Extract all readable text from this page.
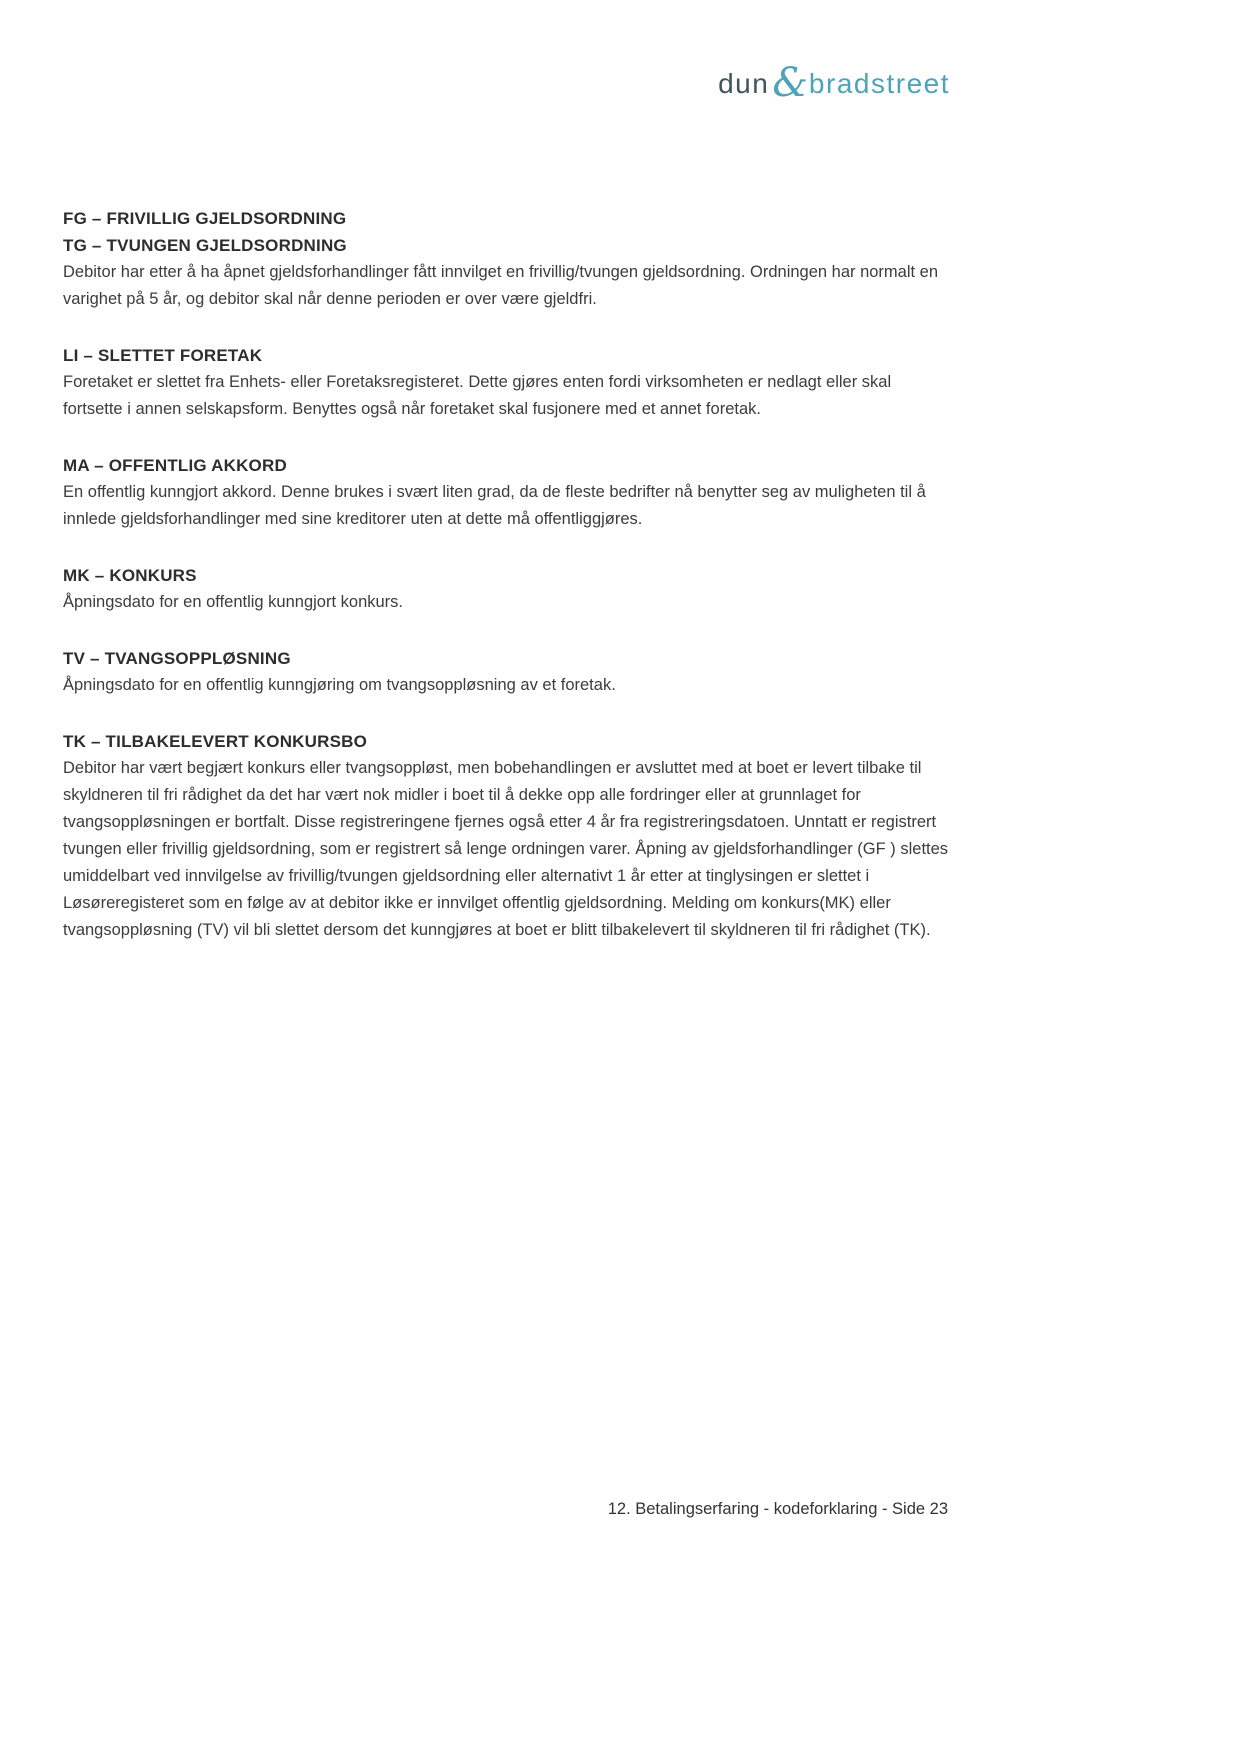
dun & bradstreet
FG – FRIVILLIG GJELDSORDNING
TG – TVUNGEN GJELDSORDNING

Debitor har etter å ha åpnet gjeldsforhandlinger fått innvilget en frivillig/tvungen gjeldsordning. Ordningen har normalt en varighet på 5 år, og debitor skal når denne perioden er over være gjeldfri.

LI – SLETTET FORETAK

Foretaket er slettet fra Enhets- eller Foretaksregisteret. Dette gjøres enten fordi virksomheten er nedlagt eller skal fortsette i annen selskapsform. Benyttes også når foretaket skal fusjonere med et annet foretak.

MA – OFFENTLIG AKKORD

En offentlig kunngjort akkord. Denne brukes i svært liten grad, da de fleste bedrifter nå benytter seg av muligheten til å innlede gjeldsforhandlinger med sine kreditorer uten at dette må offentliggjøres.

MK – KONKURS

Åpningsdato for en offentlig kunngjort konkurs.

TV – TVANGSOPPLØSNING

Åpningsdato for en offentlig kunngjøring om tvangsoppløsning av et foretak.

TK – TILBAKELEVERT KONKURSBO

Debitor har vært begjært konkurs eller tvangsoppløst, men bobehandlingen er avsluttet med at boet er levert tilbake til skyldneren til fri rådighet da det har vært nok midler i boet til å dekke opp alle fordringer eller at grunnlaget for tvangsoppløsningen er bortfalt. Disse registreringene fjernes også etter 4 år fra registreringsdatoen. Unntatt er registrert tvungen eller frivillig gjeldsordning, som er registrert så lenge ordningen varer. Åpning av gjeldsforhandlinger (GF ) slettes umiddelbart ved innvilgelse av frivillig/tvungen gjeldsordning eller alternativt 1 år etter at tinglysingen er slettet i Løsøreregisteret som en følge av at debitor ikke er innvilget offentlig gjeldsordning. Melding om konkurs(MK) eller tvangsoppløsning (TV) vil bli slettet dersom det kunngjøres at boet er blitt tilbakelevert til skyldneren til fri rådighet (TK).

12. Betalingserfaring - kodeforklaring - Side 23
